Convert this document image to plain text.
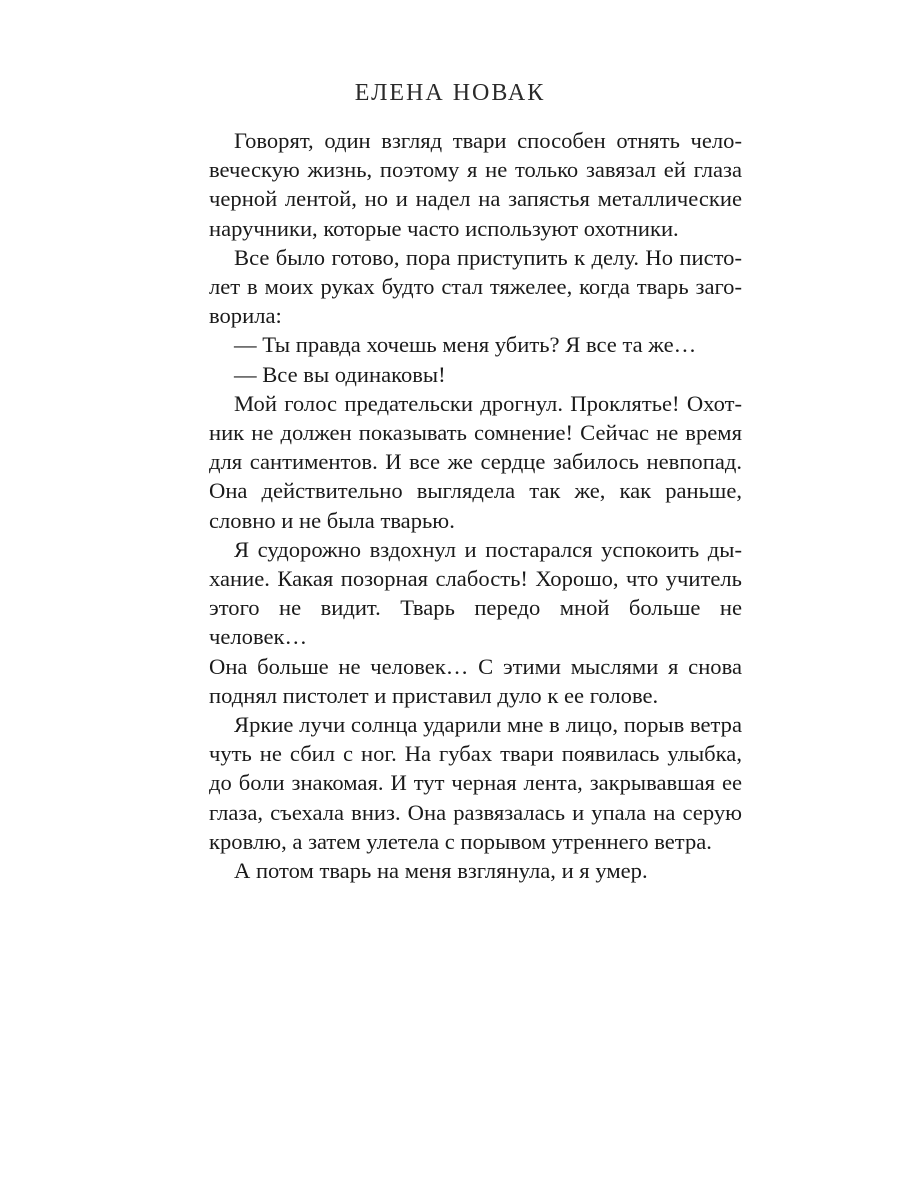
ЕЛЕНА НОВАК

Говорят, один взгляд твари способен отнять чело-
веческую жизнь, поэтому я не только завязал ей глаза
черной лентой, но и надел на запястья металлические
наручники, которые часто используют охотники.

Все было готово, пора приступить к делу. Но писто-
лет в моих руках будто стал тяжелее, когда тварь заго-
ворила:

— Ты правда хочешь меня убить? Я все та же…

— Все вы одинаковы!

Мой голос предательски дрогнул. Проклятье! Охот-
ник не должен показывать сомнение! Сейчас не время
для сантиментов. И все же сердце забилось невпопад.
Она действительно выглядела так же, как раньше,
словно и не была тварью.

Я судорожно вздохнул и постарался успокоить ды-
хание. Какая позорная слабость! Хорошо, что учитель
этого не видит. Тварь передо мной больше не человек…
Она больше не человек… С этими мыслями я снова
поднял пистолет и приставил дуло к ее голове.

Яркие лучи солнца ударили мне в лицо, порыв ветра
чуть не сбил с ног. На губах твари появилась улыбка,
до боли знакомая. И тут черная лента, закрывавшая ее
глаза, съехала вниз. Она развязалась и упала на серую
кровлю, а затем улетела с порывом утреннего ветра.

А потом тварь на меня взглянула, и я умер.
